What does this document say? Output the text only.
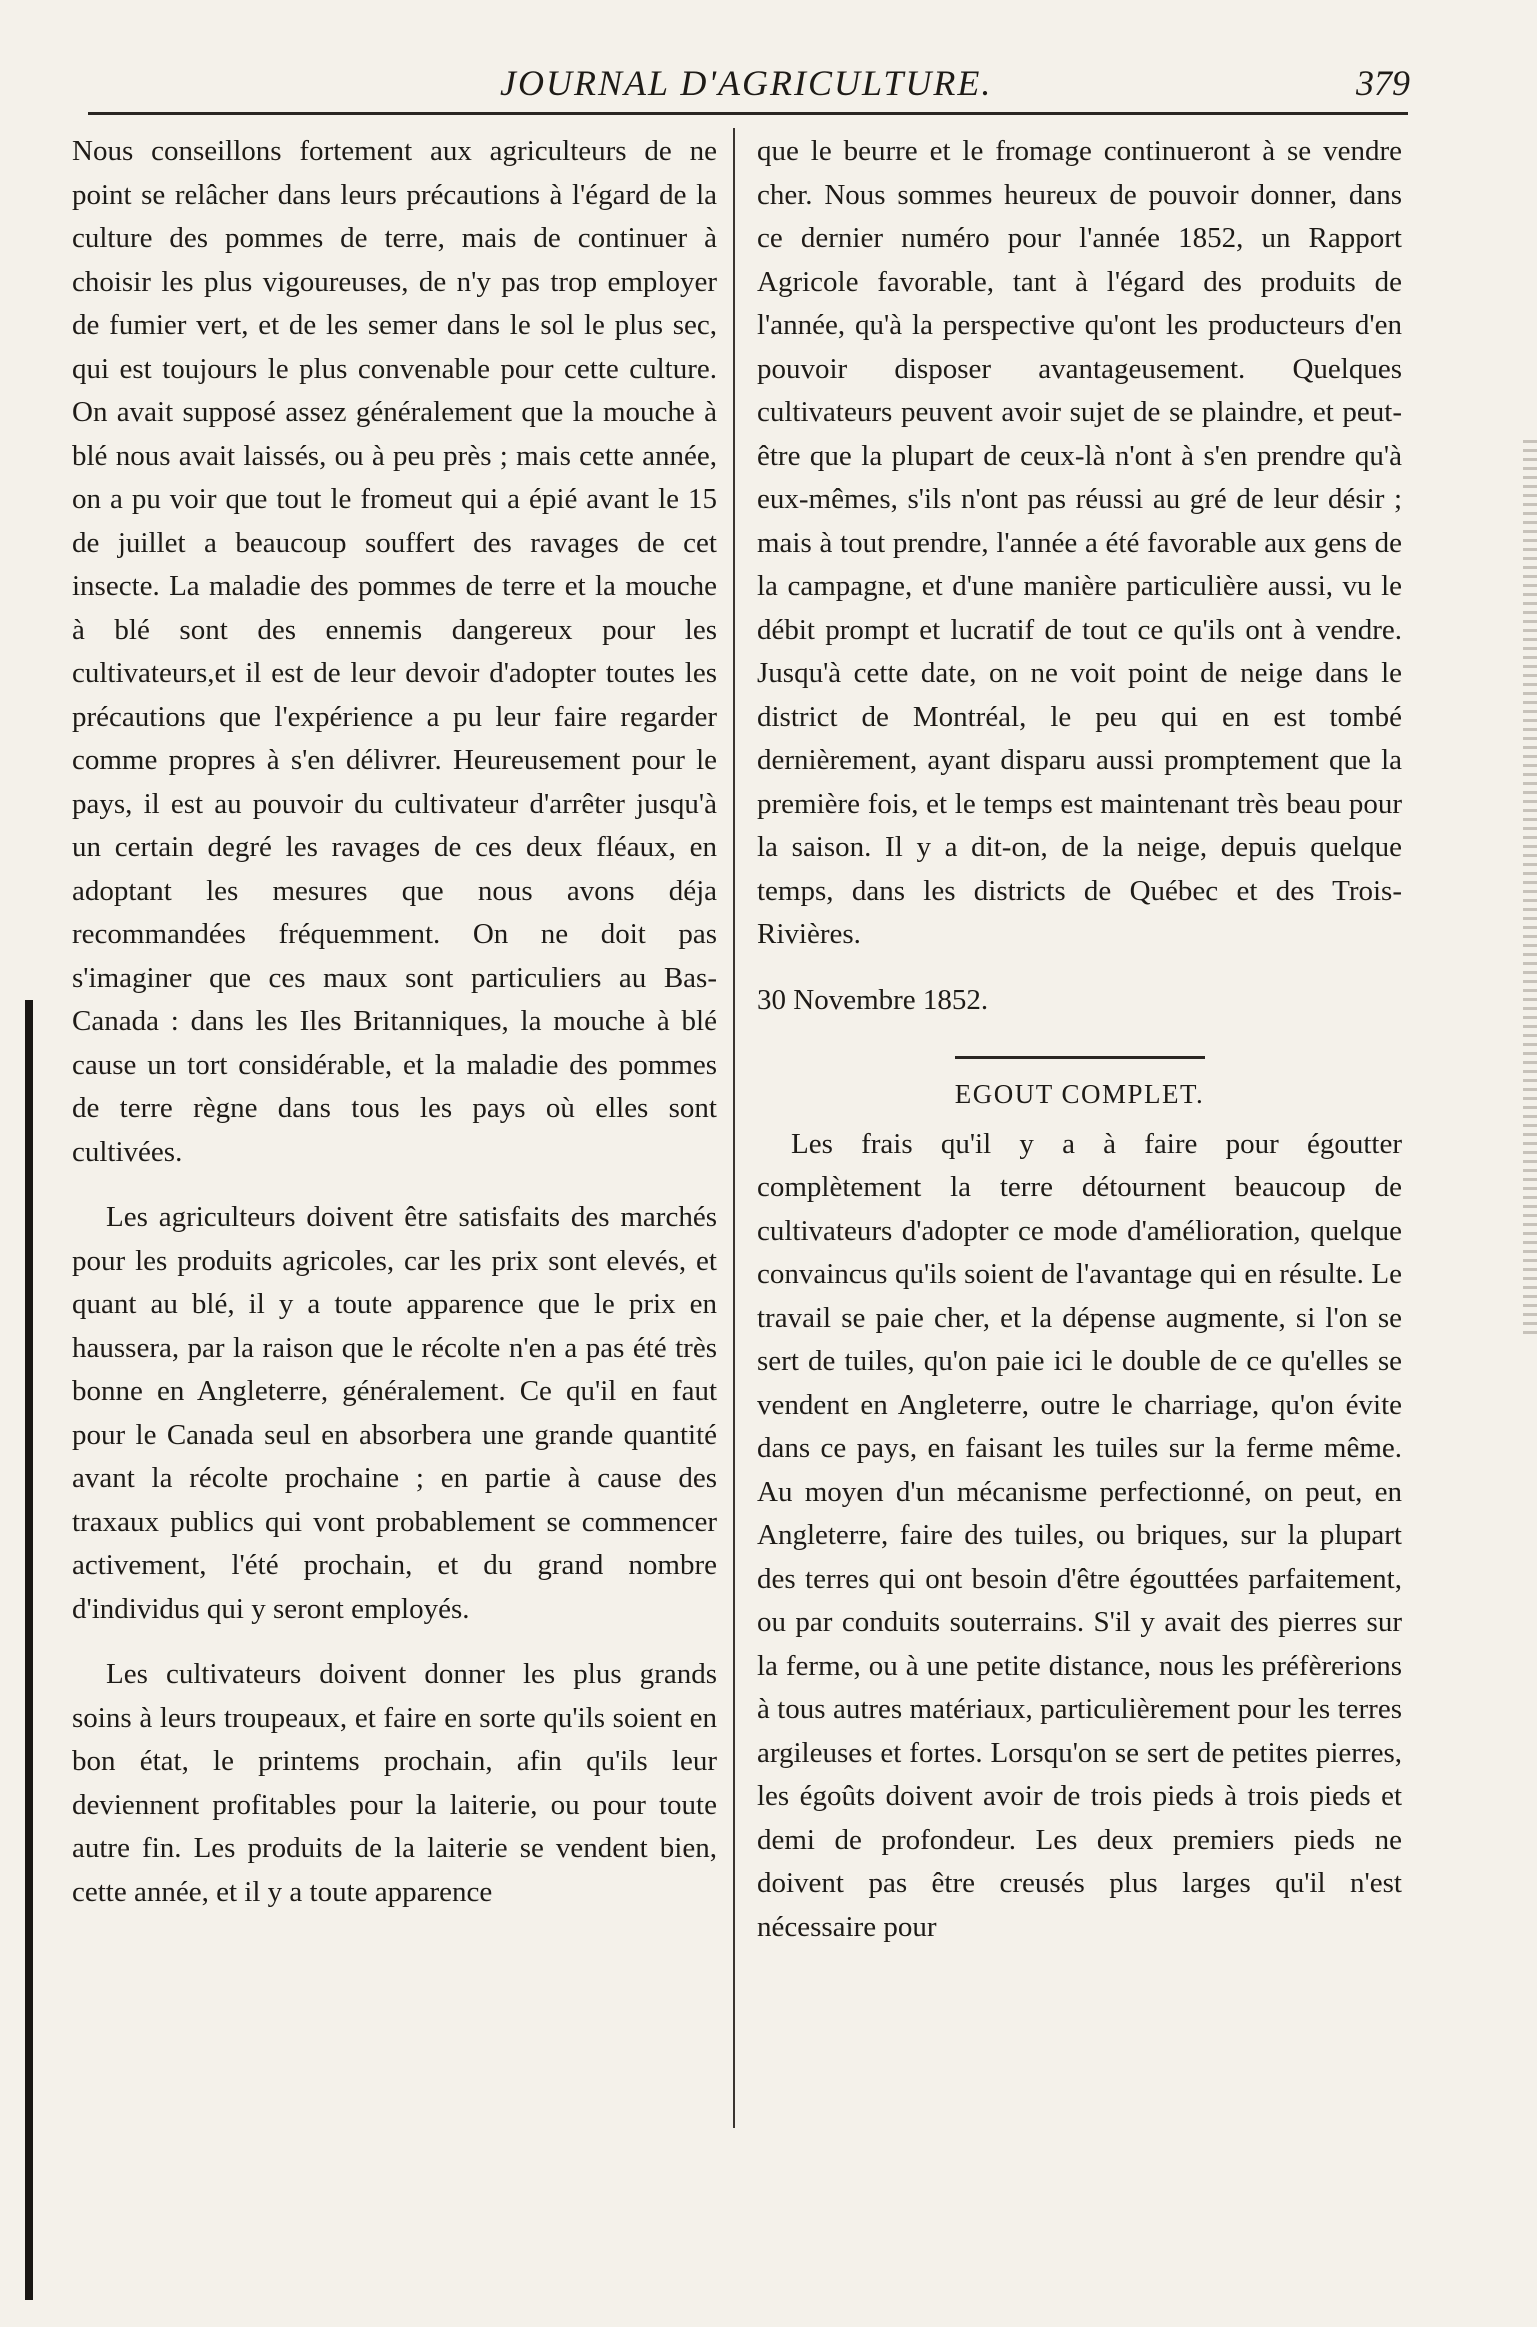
JOURNAL D'AGRICULTURE.	379

Nous conseillons fortement aux agriculteurs de ne point se relâcher dans leurs précautions à l'égard de la culture des pommes de terre, mais de continuer à choisir les plus vigoureuses, de n'y pas trop employer de fumier vert, et de les semer dans le sol le plus sec, qui est toujours le plus convenable pour cette culture. On avait supposé assez généralement que la mouche à blé nous avait laissés, ou à peu près ; mais cette année, on a pu voir que tout le fromeut qui a épié avant le 15 de juillet a beaucoup souffert des ravages de cet insecte. La maladie des pommes de terre et la mouche à blé sont des ennemis dangereux pour les cultivateurs,et il est de leur devoir d'adopter toutes les précautions que l'expérience a pu leur faire regarder comme propres à s'en délivrer. Heureusement pour le pays, il est au pouvoir du cultivateur d'arrêter jusqu'à un certain degré les ravages de ces deux fléaux, en adoptant les mesures que nous avons déja recommandées fréquemment. On ne doit pas s'imaginer que ces maux sont particuliers au Bas-Canada : dans les Iles Britanniques, la mouche à blé cause un tort considérable, et la maladie des pommes de terre règne dans tous les pays où elles sont cultivées.

Les agriculteurs doivent être satisfaits des marchés pour les produits agricoles, car les prix sont elevés, et quant au blé, il y a toute apparence que le prix en haussera, par la raison que le récolte n'en a pas été très bonne en Angleterre, généralement. Ce qu'il en faut pour le Canada seul en absorbera une grande quantité avant la récolte prochaine ; en partie à cause des traxaux publics qui vont probablement se commencer activement, l'été prochain, et du grand nombre d'individus qui y seront employés.

Les cultivateurs doivent donner les plus grands soins à leurs troupeaux, et faire en sorte qu'ils soient en bon état, le printems prochain, afin qu'ils leur deviennent profitables pour la laiterie, ou pour toute autre fin. Les produits de la laiterie se vendent bien, cette année, et il y a toute apparence

que le beurre et le fromage continueront à se vendre cher. Nous sommes heureux de pouvoir donner, dans ce dernier numéro pour l'année 1852, un Rapport Agricole favorable, tant à l'égard des produits de l'année, qu'à la perspective qu'ont les producteurs d'en pouvoir disposer avantageusement. Quelques cultivateurs peuvent avoir sujet de se plaindre, et peut-être que la plupart de ceux-là n'ont à s'en prendre qu'à eux-mêmes, s'ils n'ont pas réussi au gré de leur désir ; mais à tout prendre, l'année a été favorable aux gens de la campagne, et d'une manière particulière aussi, vu le débit prompt et lucratif de tout ce qu'ils ont à vendre. Jusqu'à cette date, on ne voit point de neige dans le district de Montréal, le peu qui en est tombé dernièrement, ayant disparu aussi promptement que la première fois, et le temps est maintenant très beau pour la saison. Il y a dit-on, de la neige, depuis quelque temps, dans les districts de Québec et des Trois-Rivières.

30 Novembre 1852.

EGOUT COMPLET.

Les frais qu'il y a à faire pour égoutter complètement la terre détournent beaucoup de cultivateurs d'adopter ce mode d'amélioration, quelque convaincus qu'ils soient de l'avantage qui en résulte. Le travail se paie cher, et la dépense augmente, si l'on se sert de tuiles, qu'on paie ici le double de ce qu'elles se vendent en Angleterre, outre le charriage, qu'on évite dans ce pays, en faisant les tuiles sur la ferme même. Au moyen d'un mécanisme perfectionné, on peut, en Angleterre, faire des tuiles, ou briques, sur la plupart des terres qui ont besoin d'être égouttées parfaitement, ou par conduits souterrains. S'il y avait des pierres sur la ferme, ou à une petite distance, nous les préfèrerions à tous autres matériaux, particulièrement pour les terres argileuses et fortes. Lorsqu'on se sert de petites pierres, les égoûts doivent avoir de trois pieds à trois pieds et demi de profondeur. Les deux premiers pieds ne doivent pas être creusés plus larges qu'il n'est nécessaire pour
